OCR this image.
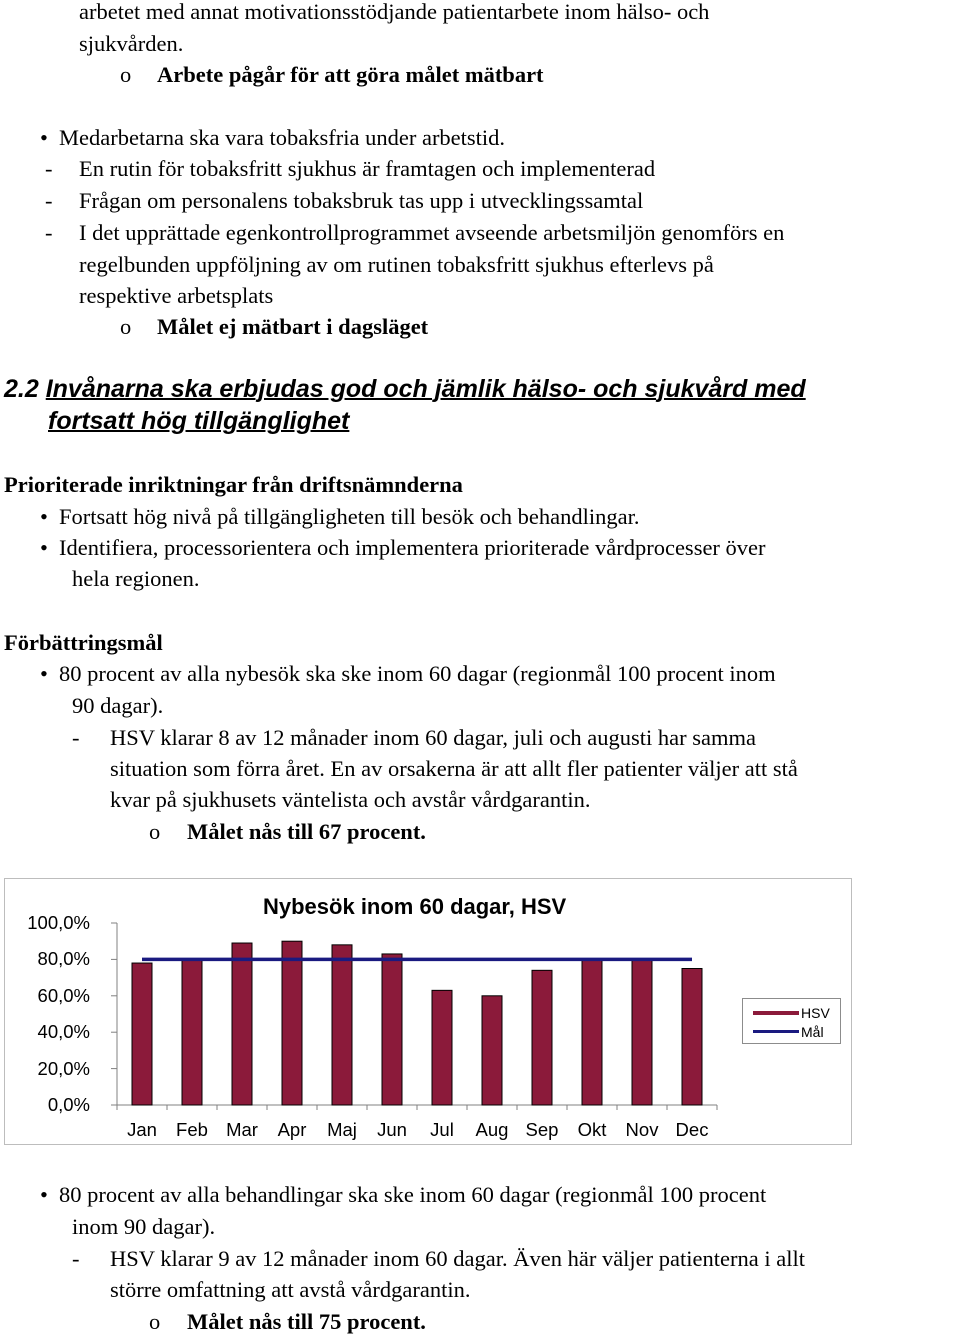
arbetet med annat motivationsstödjande patientarbete inom hälso- och
sjukvården.
o Arbete pågår för att göra målet mätbart
• Medarbetarna ska vara tobaksfria under arbetstid.
- En rutin för tobaksfritt sjukhus är framtagen och implementerad
- Frågan om personalens tobaksbruk tas upp i utvecklingssamtal
- I det upprättade egenkontrollprogrammet avseende arbetsmiljön genomförs en
regelbunden uppföljning av om rutinen tobaksfritt sjukhus efterlevs på
respektive arbetsplats
o Målet ej mätbart i dagsläget
2.2 Invånarna ska erbjudas god och jämlik hälso- och sjukvård med
fortsatt hög tillgänglighet
Prioriterade inriktningar från driftsnämnderna
• Fortsatt hög nivå på tillgängligheten till besök och behandlingar.
• Identifiera, processorientera och implementera prioriterade vårdprocesser över
hela regionen.
Förbättringsmål
• 80 procent av alla nybesök ska ske inom 60 dagar (regionmål 100 procent inom
90 dagar).
- HSV klarar 8 av 12 månader inom 60 dagar, juli och augusti har samma
situation som förra året. En av orsakerna är att allt fler patienter väljer att stå
kvar på sjukhusets väntelista och avstår vårdgarantin.
o Målet nås till 67 procent.
Nybesök inom 60 dagar, HSV
100,0%
80,0%
60,0%
40,0%
20,0%
0,0%
Jan	Feb Mar	Apr	Maj	Jun	Jul	Aug Sep	Okt	Nov Dec
HSV
Mål
• 80 procent av alla behandlingar ska ske inom 60 dagar (regionmål 100 procent
inom 90 dagar).
- HSV klarar 9 av 12 månader inom 60 dagar. Även här väljer patienterna i allt
större omfattning att avstå vårdgarantin.
o Målet nås till 75 procent.
